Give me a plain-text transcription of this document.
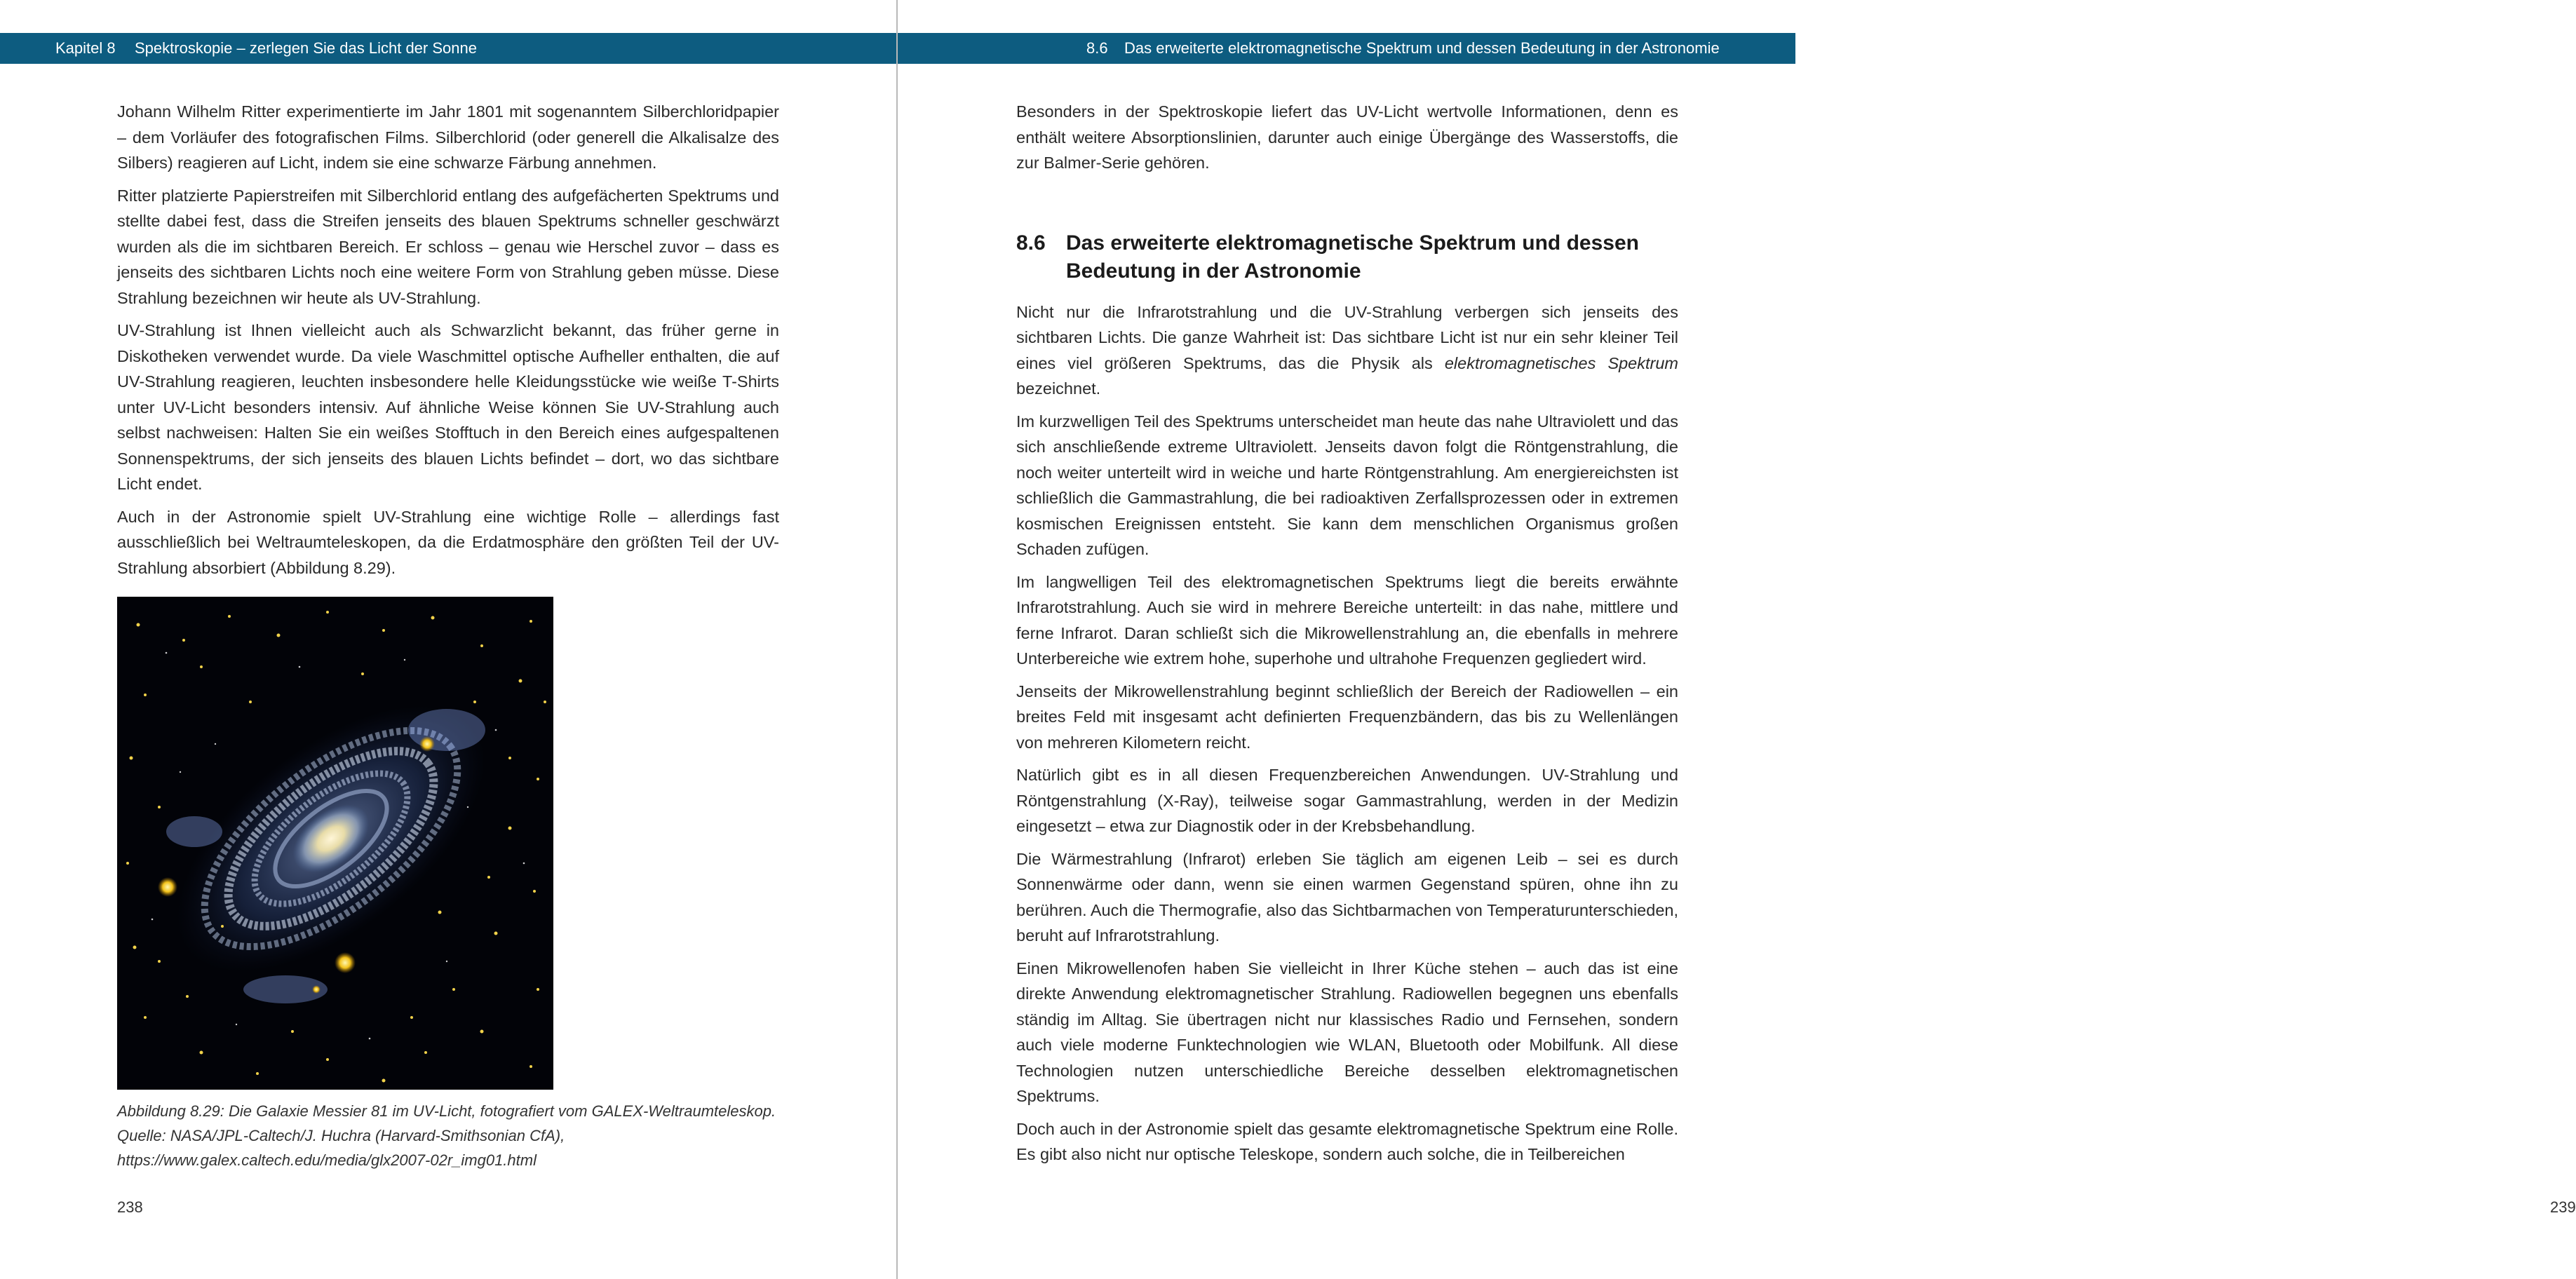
Kapitel 8 Spektroskopie – zerlegen Sie das Licht der Sonne

Johann Wilhelm Ritter experimentierte im Jahr 1801 mit sogenanntem Silberchloridpapier – dem Vorläufer des fotografischen Films. Silberchlorid (oder generell die Alkalisalze des Silbers) reagieren auf Licht, indem sie eine schwarze Färbung annehmen.

Ritter platzierte Papierstreifen mit Silberchlorid entlang des aufgefächerten Spektrums und stellte dabei fest, dass die Streifen jenseits des blauen Spektrums schneller geschwärzt wurden als die im sichtbaren Bereich. Er schloss – genau wie Herschel zuvor – dass es jenseits des sichtbaren Lichts noch eine weitere Form von Strahlung geben müsse. Diese Strahlung bezeichnen wir heute als UV-Strahlung.

UV-Strahlung ist Ihnen vielleicht auch als Schwarzlicht bekannt, das früher gerne in Diskotheken verwendet wurde. Da viele Waschmittel optische Aufheller enthalten, die auf UV-Strahlung reagieren, leuchten insbesondere helle Kleidungsstücke wie weiße T-Shirts unter UV-Licht besonders intensiv. Auf ähnliche Weise können Sie UV-Strahlung auch selbst nachweisen: Halten Sie ein weißes Stofftuch in den Bereich eines aufgespaltenen Sonnenspektrums, der sich jenseits des blauen Lichts befindet – dort, wo das sichtbare Licht endet.

Auch in der Astronomie spielt UV-Strahlung eine wichtige Rolle – allerdings fast ausschließlich bei Weltraumteleskopen, da die Erdatmosphäre den größten Teil der UV-Strahlung absorbiert (Abbildung 8.29).

Abbildung 8.29: Die Galaxie Messier 81 im UV-Licht, fotografiert vom GALEX-Weltraumteleskop. Quelle: NASA/JPL-Caltech/J. Huchra (Harvard-Smithsonian CfA), https://www.galex.caltech.edu/media/glx2007-02r_img01.html
238
8.6 Das erweiterte elektromagnetische Spektrum und dessen Bedeutung in der Astronomie

Besonders in der Spektroskopie liefert das UV-Licht wertvolle Informationen, denn es enthält weitere Absorptionslinien, darunter auch einige Übergänge des Wasserstoffs, die zur Balmer-Serie gehören.

8.6 Das erweiterte elektromagnetische Spektrum und dessen Bedeutung in der Astronomie

Nicht nur die Infrarotstrahlung und die UV-Strahlung verbergen sich jenseits des sichtbaren Lichts. Die ganze Wahrheit ist: Das sichtbare Licht ist nur ein sehr kleiner Teil eines viel größeren Spektrums, das die Physik als elektromagnetisches Spektrum bezeichnet.

Im kurzwelligen Teil des Spektrums unterscheidet man heute das nahe Ultraviolett und das sich anschließende extreme Ultraviolett. Jenseits davon folgt die Röntgenstrahlung, die noch weiter unterteilt wird in weiche und harte Röntgenstrahlung. Am energiereichsten ist schließlich die Gammastrahlung, die bei radioaktiven Zerfallsprozessen oder in extremen kosmischen Ereignissen entsteht. Sie kann dem menschlichen Organismus großen Schaden zufügen.

Im langwelligen Teil des elektromagnetischen Spektrums liegt die bereits erwähnte Infrarotstrahlung. Auch sie wird in mehrere Bereiche unterteilt: in das nahe, mittlere und ferne Infrarot. Daran schließt sich die Mikrowellenstrahlung an, die ebenfalls in mehrere Unterbereiche wie extrem hohe, superhohe und ultrahohe Frequenzen gegliedert wird.

Jenseits der Mikrowellenstrahlung beginnt schließlich der Bereich der Radiowellen – ein breites Feld mit insgesamt acht definierten Frequenzbändern, das bis zu Wellenlängen von mehreren Kilometern reicht.

Natürlich gibt es in all diesen Frequenzbereichen Anwendungen. UV-Strahlung und Röntgenstrahlung (X-Ray), teilweise sogar Gammastrahlung, werden in der Medizin eingesetzt – etwa zur Diagnostik oder in der Krebsbehandlung.

Die Wärmestrahlung (Infrarot) erleben Sie täglich am eigenen Leib – sei es durch Sonnenwärme oder dann, wenn sie einen warmen Gegenstand spüren, ohne ihn zu berühren. Auch die Thermografie, also das Sichtbarmachen von Temperaturunterschieden, beruht auf Infrarotstrahlung.

Einen Mikrowellenofen haben Sie vielleicht in Ihrer Küche stehen – auch das ist eine direkte Anwendung elektromagnetischer Strahlung. Radiowellen begegnen uns ebenfalls ständig im Alltag. Sie übertragen nicht nur klassisches Radio und Fernsehen, sondern auch viele moderne Funktechnologien wie WLAN, Bluetooth oder Mobilfunk. All diese Technologien nutzen unterschiedliche Bereiche desselben elektromagnetischen Spektrums.

Doch auch in der Astronomie spielt das gesamte elektromagnetische Spektrum eine Rolle. Es gibt also nicht nur optische Teleskope, sondern auch solche, die in Teilbereichen

239
